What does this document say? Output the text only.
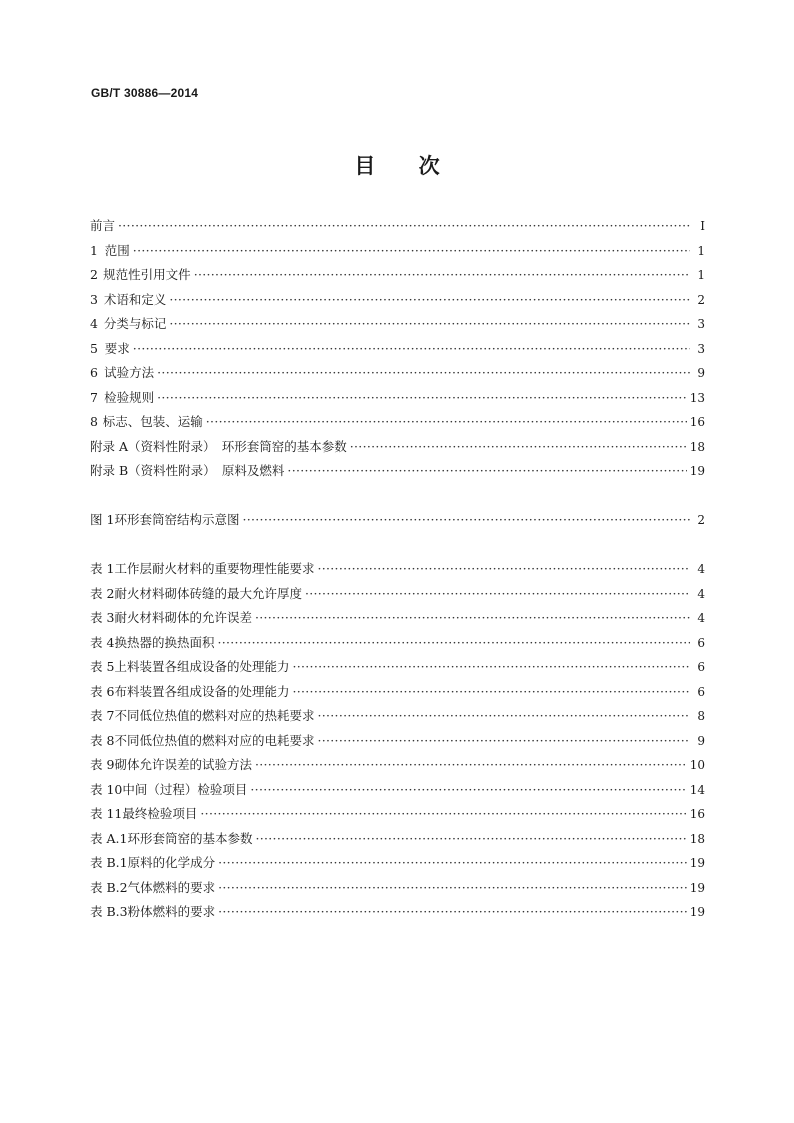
GB/T 30886—2014
目 次
前言 ·····	Ⅰ
1 范围 ·····	1
2 规范性引用文件 ·····	1
3 术语和定义 ·····	2
4 分类与标记 ·····	3
5 要求 ·····	3
6 试验方法 ·····	9
7 检验规则 ·····	13
8 标志、包装、运输 ·····	16
附录 A（资料性附录）　环形套筒窑的基本参数 ·····	18
附录 B（资料性附录）　原料及燃料 ·····	19
图 1 环形套筒窑结构示意图 ·····	2
表 1 工作层耐火材料的重要物理性能要求 ·····	4
表 2 耐火材料砌体砖缝的最大允许厚度 ·····	4
表 3 耐火材料砌体的允许误差 ·····	4
表 4 换热器的换热面积 ·····	6
表 5 上料装置各组成设备的处理能力 ·····	6
表 6 布料装置各组成设备的处理能力 ·····	6
表 7 不同低位热值的燃料对应的热耗要求 ·····	8
表 8 不同低位热值的燃料对应的电耗要求 ·····	9
表 9 砌体允许误差的试验方法 ·····	10
表 10 中间（过程）检验项目 ·····	14
表 11 最终检验项目 ·····	16
表 A.1 环形套筒窑的基本参数 ·····	18
表 B.1 原料的化学成分 ·····	19
表 B.2 气体燃料的要求 ·····	19
表 B.3 粉体燃料的要求 ·····	19
